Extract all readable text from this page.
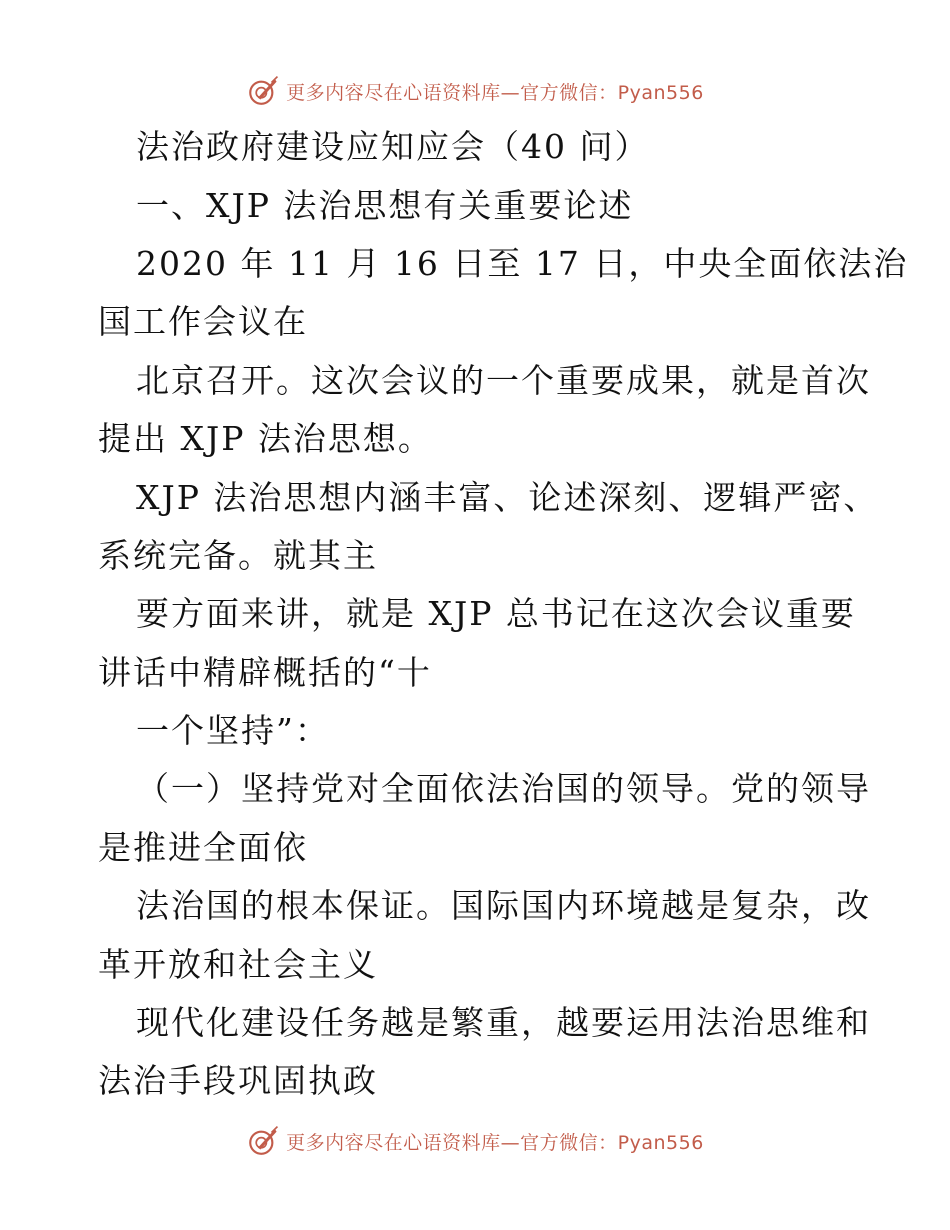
更多内容尽在心语资料库—官方微信：Pyan556
法治政府建设应知应会（40 问）
一、XJP 法治思想有关重要论述
2020 年 11 月 16 日至 17 日，中央全面依法治
国工作会议在
北京召开。这次会议的一个重要成果，就是首次
提出 XJP 法治思想。
XJP 法治思想内涵丰富、论述深刻、逻辑严密、
系统完备。就其主
要方面来讲，就是 XJP 总书记在这次会议重要
讲话中精辟概括的“十
一个坚持”：
（一）坚持党对全面依法治国的领导。党的领导
是推进全面依
法治国的根本保证。国际国内环境越是复杂，改
革开放和社会主义
现代化建设任务越是繁重，越要运用法治思维和
法治手段巩固执政
更多内容尽在心语资料库—官方微信：Pyan556
